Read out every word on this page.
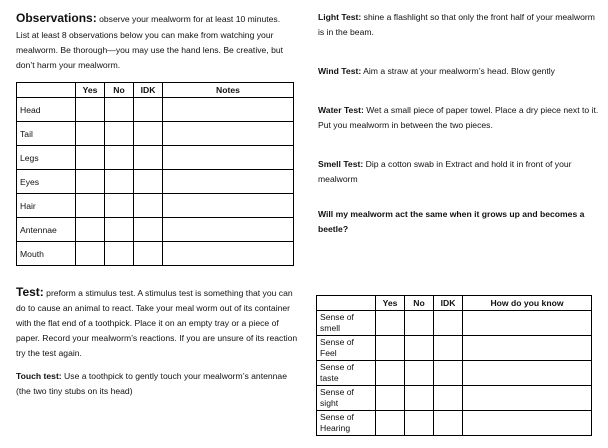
Observations: observe your mealworm for at least 10 minutes.

List at least 8 observations below you can make from watching your mealworm. Be thorough—you may use the hand lens. Be creative, but don’t harm your mealworm.

	Yes	No	IDK	Notes
Head				
Tail				
Legs				
Eyes				
Hair				
Antennae				
Mouth				

Test: preform a stimulus test. A stimulus test is something that you can do to cause an animal to react. Take your meal worm out of its container with the flat end of a toothpick. Place it on an empty tray or a piece of paper. Record your mealworm’s reactions. If you are unsure of its reaction try the test again.

Touch test: Use a toothpick to gently touch your mealworm’s antennae (the two tiny stubs on its head)

Light Test: shine a flashlight so that only the front half of your mealworm is in the beam.

Wind Test: Aim a straw at your mealworm’s head. Blow gently

Water Test: Wet a small piece of paper towel. Place a dry piece next to it. Put you mealworm in between the two pieces.

Smell Test: Dip a cotton swab in Extract and hold it in front of your mealworm

Will my mealworm act the same when it grows up and becomes a beetle?

	Yes	No	IDK	How do you know
Sense of smell				
Sense of Feel				
Sense of taste				
Sense of sight				
Sense of Hearing				
